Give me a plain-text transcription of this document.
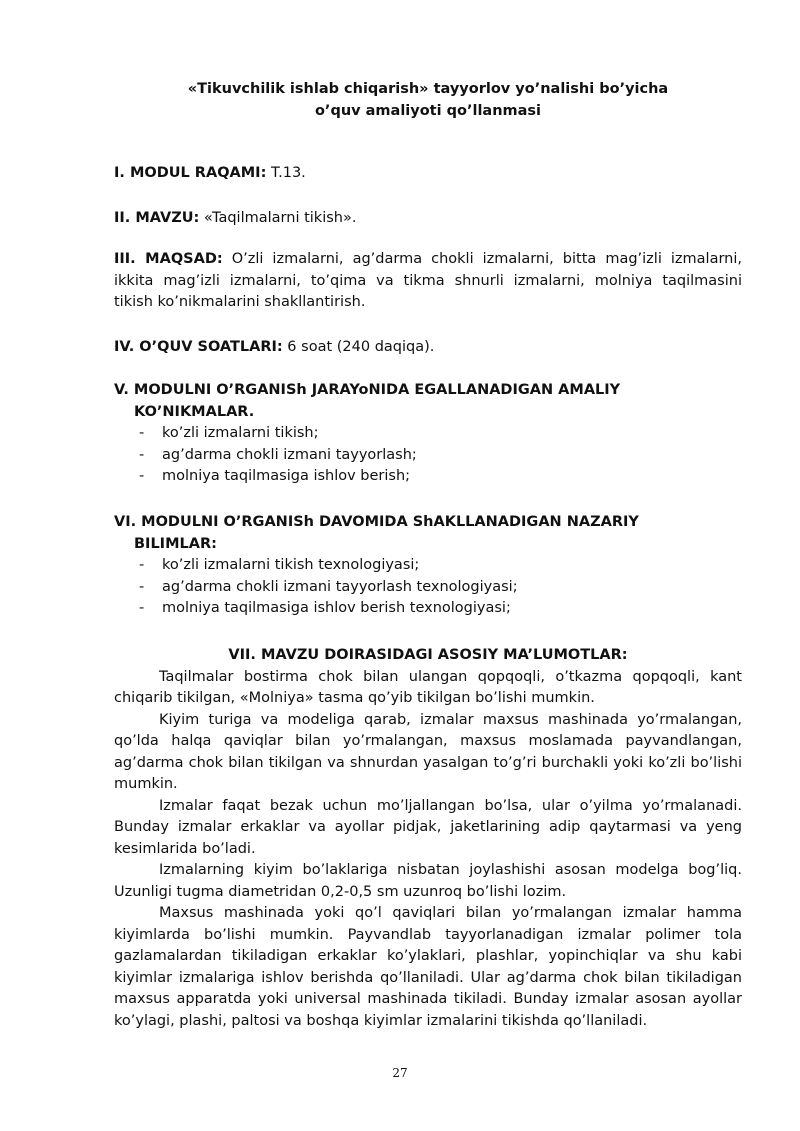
«Tikuvchilik ishlab chiqarish» tayyorlov yo’nalishi bo’yicha
o’quv amaliyoti qo’llanmasi
I. MODUL RAQAMI: T.13.
II. MAVZU: «Taqilmalarni tikish».
III. MAQSAD: O’zli izmalarni, ag’darma chokli izmalarni, bitta mag’izli izmalarni,
ikkita mag’izli izmalarni, to’qima va tikma shnurli izmalarni, molniya taqilmasini
tikish ko’nikmalarini shakllantirish.
IV. O’QUV SOATLARI: 6 soat (240 daqiqa).
V. MODULNI O’RGANISh JARAYoNIDA EGALLANADIGAN AMALIY
KO’NIKMALAR.
- ko’zli izmalarni tikish;
- ag’darma chokli izmani tayyorlash;
- molniya taqilmasiga ishlov berish;
VI. MODULNI O’RGANISh DAVOMIDA ShAKLLANADIGAN NAZARIY
BILIMLAR:
- ko’zli izmalarni tikish texnologiyasi;
- ag’darma chokli izmani tayyorlash texnologiyasi;
- molniya taqilmasiga ishlov berish texnologiyasi;
VII. MAVZU DOIRASIDAGI ASOSIY MA’LUMOTLAR:
Taqilmalar bostirma chok bilan ulangan qopqoqli, o’tkazma qopqoqli, kant chiqarib tikilgan, «Molniya» tasma qo’yib tikilgan bo’lishi mumkin.
Kiyim turiga va modeliga qarab, izmalar maxsus mashinada yo’rmalangan, qo’lda halqa qaviqlar bilan yo’rmalangan, maxsus moslamada payvandlangan, ag’darma chok bilan tikilgan va shnurdan yasalgan to’g’ri burchakli yoki ko’zli bo’lishi mumkin.
Izmalar faqat bezak uchun mo’ljallangan bo’lsa, ular o’yilma yo’rmalanadi. Bunday izmalar erkaklar va ayollar pidjak, jaketlarining adip qaytarmasi va yeng kesimlarida bo’ladi.
Izmalarning kiyim bo’laklariga nisbatan joylashishi asosan modelga bog’liq. Uzunligi tugma diametridan 0,2-0,5 sm uzunroq bo’lishi lozim.
Maxsus mashinada yoki qo’l qaviqlari bilan yo’rmalangan izmalar hamma kiyimlarda bo’lishi mumkin. Payvandlab tayyorlanadigan izmalar polimer tola gazlamalardan tikiladigan erkaklar ko’ylaklari, plashlar, yopinchiqlar va shu kabi kiyimlar izmalariga ishlov berishda qo’llaniladi. Ular ag’darma chok bilan tikiladigan maxsus apparatda yoki universal mashinada tikiladi. Bunday izmalar asosan ayollar ko’ylagi, plashi, paltosi va boshqa kiyimlar izmalarini tikishda qo’llaniladi.
27
